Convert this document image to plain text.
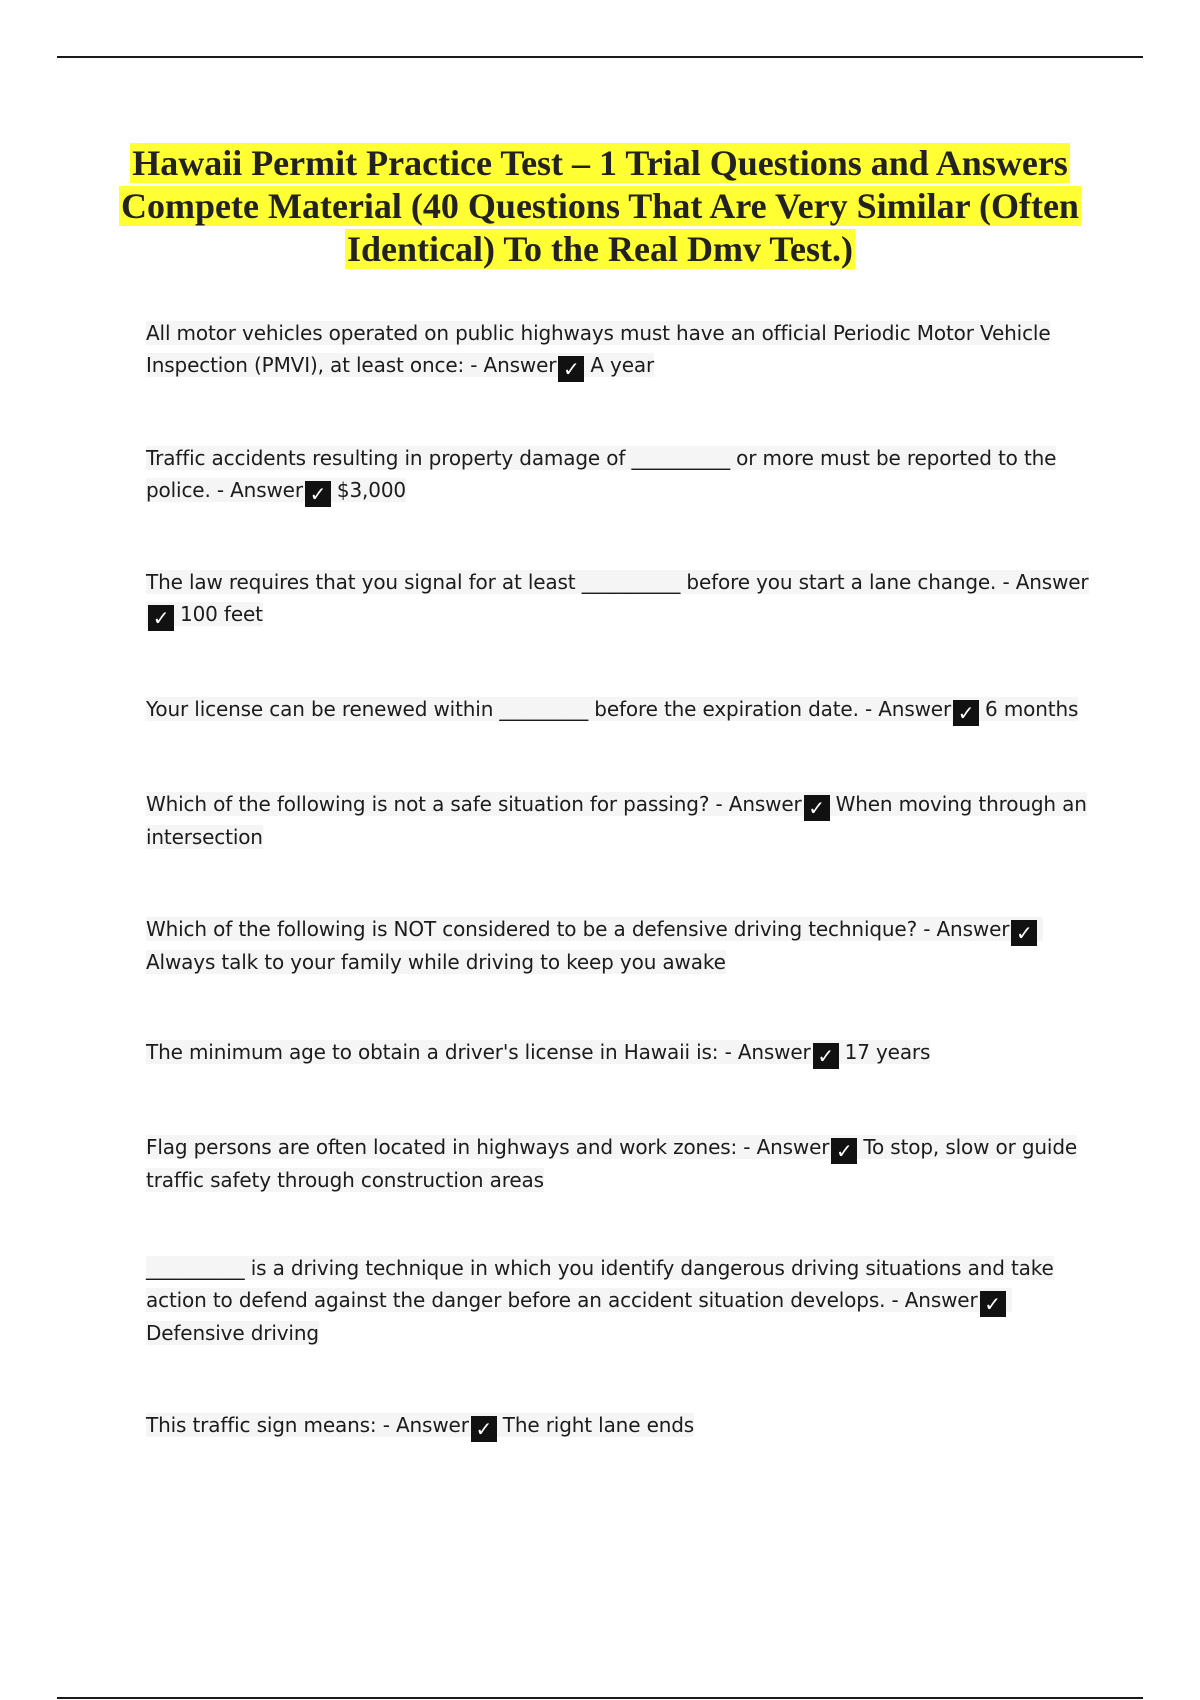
Hawaii Permit Practice Test – 1 Trial Questions and Answers Compete Material (40 Questions That Are Very Similar (Often Identical) To the Real Dmv Test.)

All motor vehicles operated on public highways must have an official Periodic Motor Vehicle Inspection (PMVI), at least once: - Answer ✓ A year

Traffic accidents resulting in property damage of __________ or more must be reported to the police. - Answer ✓ $3,000

The law requires that you signal for at least __________ before you start a lane change. - Answer✓ 100 feet

Your license can be renewed within _________ before the expiration date. - Answer ✓ 6 months

Which of the following is not a safe situation for passing? - Answer ✓ When moving through an intersection

Which of the following is NOT considered to be a defensive driving technique? - Answer ✓Always talk to your family while driving to keep you awake

The minimum age to obtain a driver's license in Hawaii is: - Answer ✓ 17 years

Flag persons are often located in highways and work zones: - Answer ✓ To stop, slow or guide traffic safety through construction areas

__________ is a driving technique in which you identify dangerous driving situations and take action to defend against the danger before an accident situation develops. - Answer ✓Defensive driving

This traffic sign means: - Answer ✓ The right lane ends
